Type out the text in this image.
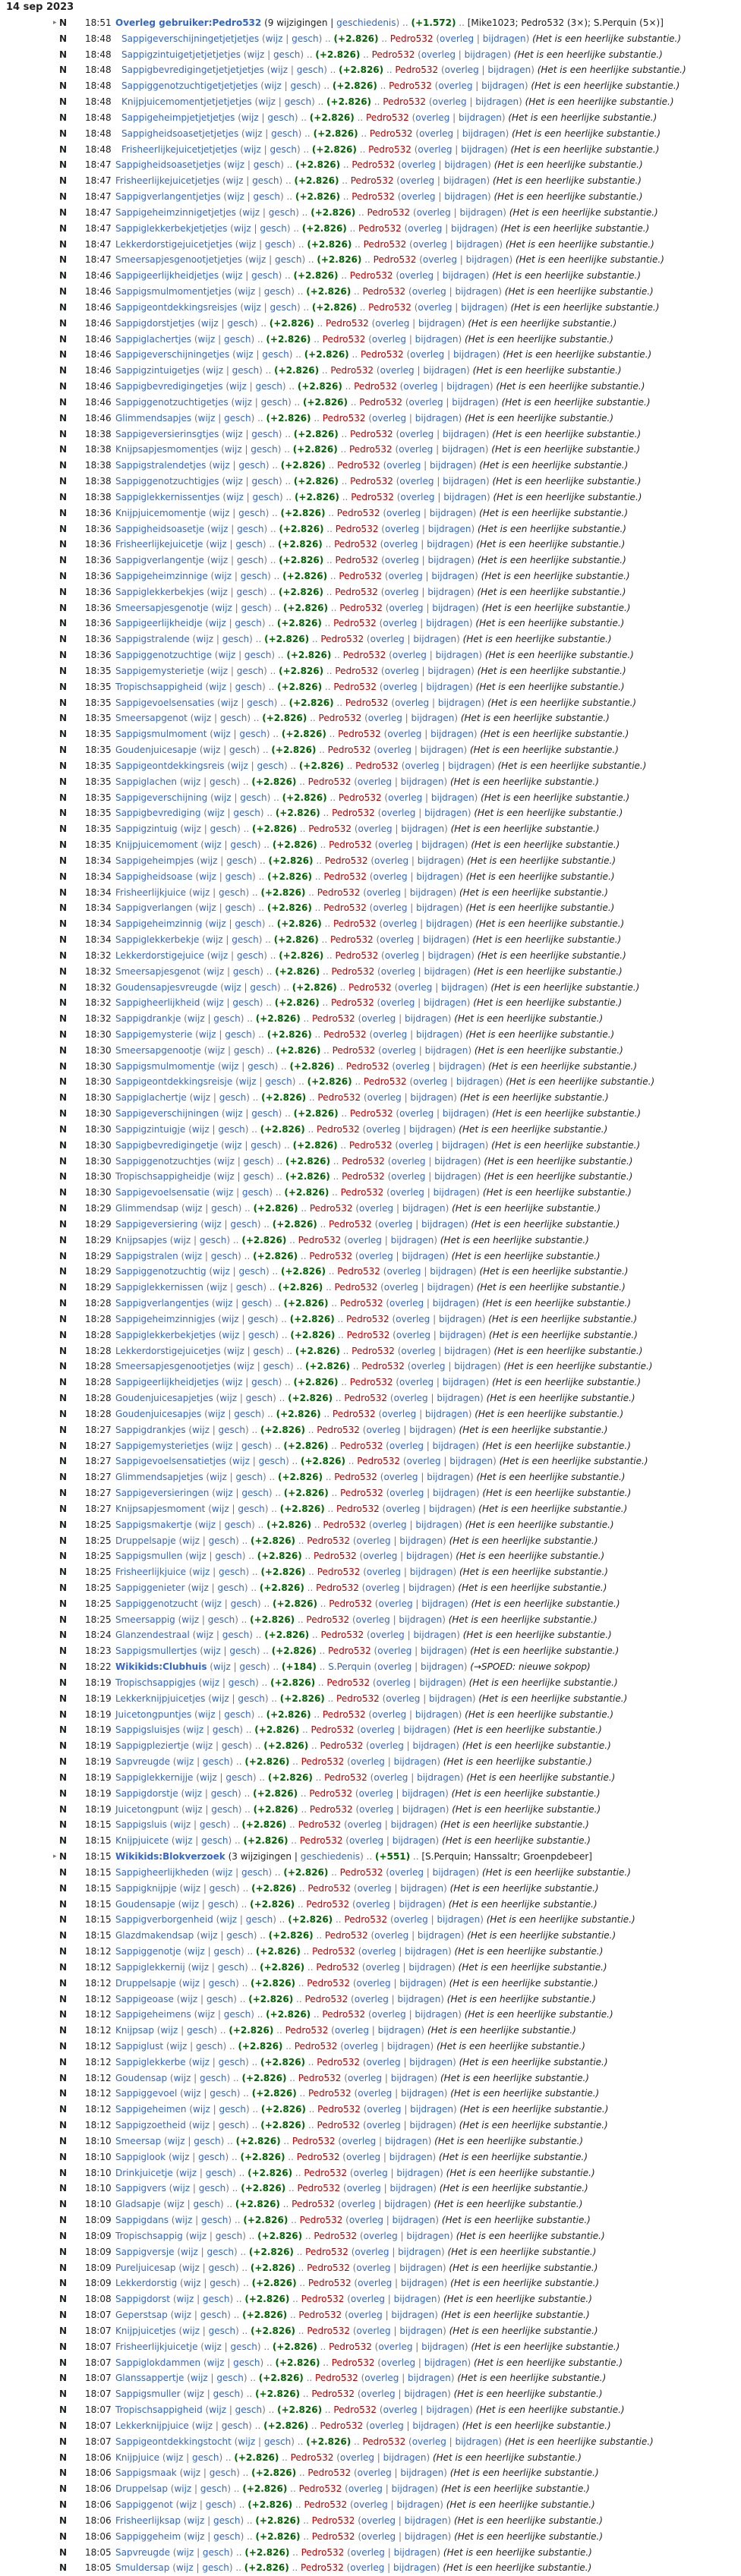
14 sep 2023
▸ N 18:51 Overleg gebruiker:Pedro532 (9 wijzigingen | geschiedenis) .. (+1.572) .. [Mike1023; Pedro532 (3×); S.Perquin (5×)]
N 18:48 Sappigeverschijningetjetjetjes (wijz | gesch) .. (+2.826) .. Pedro532 (overleg | bijdragen) (Het is een heerlijke substantie.)
N 18:48 Sappigzintuigetjetjetjetjes (wijz | gesch) .. (+2.826) .. Pedro532 (overleg | bijdragen) (Het is een heerlijke substantie.)
N 18:48 Sappigbevredigingetjetjetjetjes (wijz | gesch) .. (+2.826) .. Pedro532 (overleg | bijdragen) (Het is een heerlijke substantie.)
N 18:48 Sappiggenotzuchtigetjetjetjes (wijz | gesch) .. (+2.826) .. Pedro532 (overleg | bijdragen) (Het is een heerlijke substantie.)
N 18:48 Knijpjuicemomentjetjetjetjes (wijz | gesch) .. (+2.826) .. Pedro532 (overleg | bijdragen) (Het is een heerlijke substantie.)
N 18:48 Sappigeheimpjetjetjetjes (wijz | gesch) .. (+2.826) .. Pedro532 (overleg | bijdragen) (Het is een heerlijke substantie.)
N 18:48 Sappigheidsoasetjetjetjes (wijz | gesch) .. (+2.826) .. Pedro532 (overleg | bijdragen) (Het is een heerlijke substantie.)
N 18:48 Frisheerlijkejuicetjetjetjes (wijz | gesch) .. (+2.826) .. Pedro532 (overleg | bijdragen) (Het is een heerlijke substantie.)
N 18:47 Sappigheidsoasetjetjes (wijz | gesch) .. (+2.826) .. Pedro532 (overleg | bijdragen) (Het is een heerlijke substantie.)
N 18:47 Frisheerlijkejuicetjetjes (wijz | gesch) .. (+2.826) .. Pedro532 (overleg | bijdragen) (Het is een heerlijke substantie.)
N 18:47 Sappigverlangentjetjes (wijz | gesch) .. (+2.826) .. Pedro532 (overleg | bijdragen) (Het is een heerlijke substantie.)
N 18:47 Sappigeheimzinnigetjetjes (wijz | gesch) .. (+2.826) .. Pedro532 (overleg | bijdragen) (Het is een heerlijke substantie.)
N 18:47 Sappiglekkerbekjetjetjes (wijz | gesch) .. (+2.826) .. Pedro532 (overleg | bijdragen) (Het is een heerlijke substantie.)
N 18:47 Lekkerdorstigejuicetjetjes (wijz | gesch) .. (+2.826) .. Pedro532 (overleg | bijdragen) (Het is een heerlijke substantie.)
N 18:47 Smeersapjesgenootjetjetjes (wijz | gesch) .. (+2.826) .. Pedro532 (overleg | bijdragen) (Het is een heerlijke substantie.)
N 18:46 Sappigeerlijkheidjetjes (wijz | gesch) .. (+2.826) .. Pedro532 (overleg | bijdragen) (Het is een heerlijke substantie.)
N 18:46 Sappigsmulmomentjetjes (wijz | gesch) .. (+2.826) .. Pedro532 (overleg | bijdragen) (Het is een heerlijke substantie.)
N 18:46 Sappigeontdekkingsreisjes (wijz | gesch) .. (+2.826) .. Pedro532 (overleg | bijdragen) (Het is een heerlijke substantie.)
N 18:46 Sappigdorstjetjes (wijz | gesch) .. (+2.826) .. Pedro532 (overleg | bijdragen) (Het is een heerlijke substantie.)
N 18:46 Sappiglachertjes (wijz | gesch) .. (+2.826) .. Pedro532 (overleg | bijdragen) (Het is een heerlijke substantie.)
N 18:46 Sappigeverschijningetjes (wijz | gesch) .. (+2.826) .. Pedro532 (overleg | bijdragen) (Het is een heerlijke substantie.)
N 18:46 Sappigzintuigetjes (wijz | gesch) .. (+2.826) .. Pedro532 (overleg | bijdragen) (Het is een heerlijke substantie.)
N 18:46 Sappigbevredigingetjes (wijz | gesch) .. (+2.826) .. Pedro532 (overleg | bijdragen) (Het is een heerlijke substantie.)
N 18:46 Sappiggenotzuchtigetjes (wijz | gesch) .. (+2.826) .. Pedro532 (overleg | bijdragen) (Het is een heerlijke substantie.)
N 18:46 Glimmendsapjes (wijz | gesch) .. (+2.826) .. Pedro532 (overleg | bijdragen) (Het is een heerlijke substantie.)
N 18:38 Sappigeversierinsgtjes (wijz | gesch) .. (+2.826) .. Pedro532 (overleg | bijdragen) (Het is een heerlijke substantie.)
N 18:38 Knijpsapjesmomentjes (wijz | gesch) .. (+2.826) .. Pedro532 (overleg | bijdragen) (Het is een heerlijke substantie.)
N 18:38 Sappigstralendetjes (wijz | gesch) .. (+2.826) .. Pedro532 (overleg | bijdragen) (Het is een heerlijke substantie.)
N 18:38 Sappiggenotzuchtigjes (wijz | gesch) .. (+2.826) .. Pedro532 (overleg | bijdragen) (Het is een heerlijke substantie.)
N 18:38 Sappiglekkernissentjes (wijz | gesch) .. (+2.826) .. Pedro532 (overleg | bijdragen) (Het is een heerlijke substantie.)
N 18:36 Knijpjuicemomentje (wijz | gesch) .. (+2.826) .. Pedro532 (overleg | bijdragen) (Het is een heerlijke substantie.)
N 18:36 Sappigheidsoasetje (wijz | gesch) .. (+2.826) .. Pedro532 (overleg | bijdragen) (Het is een heerlijke substantie.)
N 18:36 Frisheerlijkejuicetje (wijz | gesch) .. (+2.826) .. Pedro532 (overleg | bijdragen) (Het is een heerlijke substantie.)
N 18:36 Sappigverlangentje (wijz | gesch) .. (+2.826) .. Pedro532 (overleg | bijdragen) (Het is een heerlijke substantie.)
N 18:36 Sappigeheimzinnige (wijz | gesch) .. (+2.826) .. Pedro532 (overleg | bijdragen) (Het is een heerlijke substantie.)
N 18:36 Sappiglekkerbekjes (wijz | gesch) .. (+2.826) .. Pedro532 (overleg | bijdragen) (Het is een heerlijke substantie.)
N 18:36 Smeersapjesgenotje (wijz | gesch) .. (+2.826) .. Pedro532 (overleg | bijdragen) (Het is een heerlijke substantie.)
N 18:36 Sappigeerlijkheidje (wijz | gesch) .. (+2.826) .. Pedro532 (overleg | bijdragen) (Het is een heerlijke substantie.)
N 18:36 Sappigstralende (wijz | gesch) .. (+2.826) .. Pedro532 (overleg | bijdragen) (Het is een heerlijke substantie.)
N 18:36 Sappiggenotzuchtige (wijz | gesch) .. (+2.826) .. Pedro532 (overleg | bijdragen) (Het is een heerlijke substantie.)
N 18:35 Sappigemysterietje (wijz | gesch) .. (+2.826) .. Pedro532 (overleg | bijdragen) (Het is een heerlijke substantie.)
N 18:35 Tropischsappigheid (wijz | gesch) .. (+2.826) .. Pedro532 (overleg | bijdragen) (Het is een heerlijke substantie.)
N 18:35 Sappigevoelsensaties (wijz | gesch) .. (+2.826) .. Pedro532 (overleg | bijdragen) (Het is een heerlijke substantie.)
N 18:35 Smeersapgenot (wijz | gesch) .. (+2.826) .. Pedro532 (overleg | bijdragen) (Het is een heerlijke substantie.)
N 18:35 Sappigsmulmoment (wijz | gesch) .. (+2.826) .. Pedro532 (overleg | bijdragen) (Het is een heerlijke substantie.)
N 18:35 Goudenjuicesapje (wijz | gesch) .. (+2.826) .. Pedro532 (overleg | bijdragen) (Het is een heerlijke substantie.)
N 18:35 Sappigeontdekkingsreis (wijz | gesch) .. (+2.826) .. Pedro532 (overleg | bijdragen) (Het is een heerlijke substantie.)
N 18:35 Sappiglachen (wijz | gesch) .. (+2.826) .. Pedro532 (overleg | bijdragen) (Het is een heerlijke substantie.)
N 18:35 Sappigeverschijning (wijz | gesch) .. (+2.826) .. Pedro532 (overleg | bijdragen) (Het is een heerlijke substantie.)
N 18:35 Sappigbevrediging (wijz | gesch) .. (+2.826) .. Pedro532 (overleg | bijdragen) (Het is een heerlijke substantie.)
N 18:35 Sappigzintuig (wijz | gesch) .. (+2.826) .. Pedro532 (overleg | bijdragen) (Het is een heerlijke substantie.)
N 18:35 Knijpjuicemoment (wijz | gesch) .. (+2.826) .. Pedro532 (overleg | bijdragen) (Het is een heerlijke substantie.)
N 18:34 Sappigeheimpjes (wijz | gesch) .. (+2.826) .. Pedro532 (overleg | bijdragen) (Het is een heerlijke substantie.)
N 18:34 Sappigheidsoase (wijz | gesch) .. (+2.826) .. Pedro532 (overleg | bijdragen) (Het is een heerlijke substantie.)
N 18:34 Frisheerlijkjuice (wijz | gesch) .. (+2.826) .. Pedro532 (overleg | bijdragen) (Het is een heerlijke substantie.)
N 18:34 Sappigverlangen (wijz | gesch) .. (+2.826) .. Pedro532 (overleg | bijdragen) (Het is een heerlijke substantie.)
N 18:34 Sappigeheimzinnig (wijz | gesch) .. (+2.826) .. Pedro532 (overleg | bijdragen) (Het is een heerlijke substantie.)
N 18:34 Sappiglekkerbekje (wijz | gesch) .. (+2.826) .. Pedro532 (overleg | bijdragen) (Het is een heerlijke substantie.)
N 18:32 Lekkerdorstigejuice (wijz | gesch) .. (+2.826) .. Pedro532 (overleg | bijdragen) (Het is een heerlijke substantie.)
N 18:32 Smeersapjesgenot (wijz | gesch) .. (+2.826) .. Pedro532 (overleg | bijdragen) (Het is een heerlijke substantie.)
N 18:32 Goudensapjesvreugde (wijz | gesch) .. (+2.826) .. Pedro532 (overleg | bijdragen) (Het is een heerlijke substantie.)
N 18:32 Sappigheerlijkheid (wijz | gesch) .. (+2.826) .. Pedro532 (overleg | bijdragen) (Het is een heerlijke substantie.)
N 18:32 Sappigdrankje (wijz | gesch) .. (+2.826) .. Pedro532 (overleg | bijdragen) (Het is een heerlijke substantie.)
N 18:30 Sappigemysterie (wijz | gesch) .. (+2.826) .. Pedro532 (overleg | bijdragen) (Het is een heerlijke substantie.)
N 18:30 Smeersapgenootje (wijz | gesch) .. (+2.826) .. Pedro532 (overleg | bijdragen) (Het is een heerlijke substantie.)
N 18:30 Sappigsmulmomentje (wijz | gesch) .. (+2.826) .. Pedro532 (overleg | bijdragen) (Het is een heerlijke substantie.)
N 18:30 Sappigeontdekkingsreisje (wijz | gesch) .. (+2.826) .. Pedro532 (overleg | bijdragen) (Het is een heerlijke substantie.)
N 18:30 Sappiglachertje (wijz | gesch) .. (+2.826) .. Pedro532 (overleg | bijdragen) (Het is een heerlijke substantie.)
N 18:30 Sappigeverschijningen (wijz | gesch) .. (+2.826) .. Pedro532 (overleg | bijdragen) (Het is een heerlijke substantie.)
N 18:30 Sappigzintuigje (wijz | gesch) .. (+2.826) .. Pedro532 (overleg | bijdragen) (Het is een heerlijke substantie.)
N 18:30 Sappigbevredigingetje (wijz | gesch) .. (+2.826) .. Pedro532 (overleg | bijdragen) (Het is een heerlijke substantie.)
N 18:30 Sappiggenotzuchtjes (wijz | gesch) .. (+2.826) .. Pedro532 (overleg | bijdragen) (Het is een heerlijke substantie.)
N 18:30 Tropischsappigheidje (wijz | gesch) .. (+2.826) .. Pedro532 (overleg | bijdragen) (Het is een heerlijke substantie.)
N 18:30 Sappigevoelsensatie (wijz | gesch) .. (+2.826) .. Pedro532 (overleg | bijdragen) (Het is een heerlijke substantie.)
N 18:29 Glimmendsap (wijz | gesch) .. (+2.826) .. Pedro532 (overleg | bijdragen) (Het is een heerlijke substantie.)
N 18:29 Sappigeversiering (wijz | gesch) .. (+2.826) .. Pedro532 (overleg | bijdragen) (Het is een heerlijke substantie.)
N 18:29 Knijpsapjes (wijz | gesch) .. (+2.826) .. Pedro532 (overleg | bijdragen) (Het is een heerlijke substantie.)
N 18:29 Sappigstralen (wijz | gesch) .. (+2.826) .. Pedro532 (overleg | bijdragen) (Het is een heerlijke substantie.)
N 18:29 Sappiggenotzuchtig (wijz | gesch) .. (+2.826) .. Pedro532 (overleg | bijdragen) (Het is een heerlijke substantie.)
N 18:29 Sappiglekkernissen (wijz | gesch) .. (+2.826) .. Pedro532 (overleg | bijdragen) (Het is een heerlijke substantie.)
N 18:28 Sappigverlangentjes (wijz | gesch) .. (+2.826) .. Pedro532 (overleg | bijdragen) (Het is een heerlijke substantie.)
N 18:28 Sappigeheimzinnigjes (wijz | gesch) .. (+2.826) .. Pedro532 (overleg | bijdragen) (Het is een heerlijke substantie.)
N 18:28 Sappiglekkerbekjetjes (wijz | gesch) .. (+2.826) .. Pedro532 (overleg | bijdragen) (Het is een heerlijke substantie.)
N 18:28 Lekkerdorstigejuicetjes (wijz | gesch) .. (+2.826) .. Pedro532 (overleg | bijdragen) (Het is een heerlijke substantie.)
N 18:28 Smeersapjesgenootjetjes (wijz | gesch) .. (+2.826) .. Pedro532 (overleg | bijdragen) (Het is een heerlijke substantie.)
N 18:28 Sappigeerlijkheidjetjes (wijz | gesch) .. (+2.826) .. Pedro532 (overleg | bijdragen) (Het is een heerlijke substantie.)
N 18:28 Goudenjuicesapjetjes (wijz | gesch) .. (+2.826) .. Pedro532 (overleg | bijdragen) (Het is een heerlijke substantie.)
N 18:28 Goudenjuicesapjes (wijz | gesch) .. (+2.826) .. Pedro532 (overleg | bijdragen) (Het is een heerlijke substantie.)
N 18:27 Sappigdrankjes (wijz | gesch) .. (+2.826) .. Pedro532 (overleg | bijdragen) (Het is een heerlijke substantie.)
N 18:27 Sappigemysterietjes (wijz | gesch) .. (+2.826) .. Pedro532 (overleg | bijdragen) (Het is een heerlijke substantie.)
N 18:27 Sappigevoelsensatietjes (wijz | gesch) .. (+2.826) .. Pedro532 (overleg | bijdragen) (Het is een heerlijke substantie.)
N 18:27 Glimmendsapjetjes (wijz | gesch) .. (+2.826) .. Pedro532 (overleg | bijdragen) (Het is een heerlijke substantie.)
N 18:27 Sappigeversieringen (wijz | gesch) .. (+2.826) .. Pedro532 (overleg | bijdragen) (Het is een heerlijke substantie.)
N 18:27 Knijpsapjesmoment (wijz | gesch) .. (+2.826) .. Pedro532 (overleg | bijdragen) (Het is een heerlijke substantie.)
N 18:25 Sappigsmakertje (wijz | gesch) .. (+2.826) .. Pedro532 (overleg | bijdragen) (Het is een heerlijke substantie.)
N 18:25 Druppelsapje (wijz | gesch) .. (+2.826) .. Pedro532 (overleg | bijdragen) (Het is een heerlijke substantie.)
N 18:25 Sappigsmullen (wijz | gesch) .. (+2.826) .. Pedro532 (overleg | bijdragen) (Het is een heerlijke substantie.)
N 18:25 Frisheerlijkjuice (wijz | gesch) .. (+2.826) .. Pedro532 (overleg | bijdragen) (Het is een heerlijke substantie.)
N 18:25 Sappiggenieter (wijz | gesch) .. (+2.826) .. Pedro532 (overleg | bijdragen) (Het is een heerlijke substantie.)
N 18:25 Sappiggenotzucht (wijz | gesch) .. (+2.826) .. Pedro532 (overleg | bijdragen) (Het is een heerlijke substantie.)
N 18:25 Smeersappig (wijz | gesch) .. (+2.826) .. Pedro532 (overleg | bijdragen) (Het is een heerlijke substantie.)
N 18:24 Glanzendestraal (wijz | gesch) .. (+2.826) .. Pedro532 (overleg | bijdragen) (Het is een heerlijke substantie.)
N 18:23 Sappigsmullertjes (wijz | gesch) .. (+2.826) .. Pedro532 (overleg | bijdragen) (Het is een heerlijke substantie.)
N 18:22 Wikikids:Clubhuis (wijz | gesch) .. (+184) .. S.Perquin (overleg | bijdragen) (→SPOED: nieuwe sokpop)
N 18:19 Tropischsappigjes (wijz | gesch) .. (+2.826) .. Pedro532 (overleg | bijdragen) (Het is een heerlijke substantie.)
N 18:19 Lekkerknijpjuicetjes (wijz | gesch) .. (+2.826) .. Pedro532 (overleg | bijdragen) (Het is een heerlijke substantie.)
N 18:19 Juicetongpuntjes (wijz | gesch) .. (+2.826) .. Pedro532 (overleg | bijdragen) (Het is een heerlijke substantie.)
N 18:19 Sappigsluisjes (wijz | gesch) .. (+2.826) .. Pedro532 (overleg | bijdragen) (Het is een heerlijke substantie.)
N 18:19 Sappigpleziertje (wijz | gesch) .. (+2.826) .. Pedro532 (overleg | bijdragen) (Het is een heerlijke substantie.)
N 18:19 Sapvreugde (wijz | gesch) .. (+2.826) .. Pedro532 (overleg | bijdragen) (Het is een heerlijke substantie.)
N 18:19 Sappiglekkernijje (wijz | gesch) .. (+2.826) .. Pedro532 (overleg | bijdragen) (Het is een heerlijke substantie.)
N 18:19 Sappigdorstje (wijz | gesch) .. (+2.826) .. Pedro532 (overleg | bijdragen) (Het is een heerlijke substantie.)
N 18:19 Juicetongpunt (wijz | gesch) .. (+2.826) .. Pedro532 (overleg | bijdragen) (Het is een heerlijke substantie.)
N 18:15 Sappigsluis (wijz | gesch) .. (+2.826) .. Pedro532 (overleg | bijdragen) (Het is een heerlijke substantie.)
N 18:15 Knijpjuicete (wijz | gesch) .. (+2.826) .. Pedro532 (overleg | bijdragen) (Het is een heerlijke substantie.)
▸ N 18:15 Wikikids:Blokverzoek (3 wijzigingen | geschiedenis) .. (+551) .. [S.Perquin; Hanssaltr; Groenpdebeer]
N 18:15 Sappigheerlijkheden (wijz | gesch) .. (+2.826) .. Pedro532 (overleg | bijdragen) (Het is een heerlijke substantie.)
N 18:15 Sappigknijpje (wijz | gesch) .. (+2.826) .. Pedro532 (overleg | bijdragen) (Het is een heerlijke substantie.)
N 18:15 Goudensapje (wijz | gesch) .. (+2.826) .. Pedro532 (overleg | bijdragen) (Het is een heerlijke substantie.)
N 18:15 Sappigverborgenheid (wijz | gesch) .. (+2.826) .. Pedro532 (overleg | bijdragen) (Het is een heerlijke substantie.)
N 18:15 Glazdmakendsap (wijz | gesch) .. (+2.826) .. Pedro532 (overleg | bijdragen) (Het is een heerlijke substantie.)
N 18:12 Sappiggenotje (wijz | gesch) .. (+2.826) .. Pedro532 (overleg | bijdragen) (Het is een heerlijke substantie.)
N 18:12 Sappiglekkernij (wijz | gesch) .. (+2.826) .. Pedro532 (overleg | bijdragen) (Het is een heerlijke substantie.)
N 18:12 Druppelsapje (wijz | gesch) .. (+2.826) .. Pedro532 (overleg | bijdragen) (Het is een heerlijke substantie.)
N 18:12 Sappigeoase (wijz | gesch) .. (+2.826) .. Pedro532 (overleg | bijdragen) (Het is een heerlijke substantie.)
N 18:12 Sappigeheimens (wijz | gesch) .. (+2.826) .. Pedro532 (overleg | bijdragen) (Het is een heerlijke substantie.)
N 18:12 Knijpsap (wijz | gesch) .. (+2.826) .. Pedro532 (overleg | bijdragen) (Het is een heerlijke substantie.)
N 18:12 Sappiglust (wijz | gesch) .. (+2.826) .. Pedro532 (overleg | bijdragen) (Het is een heerlijke substantie.)
N 18:12 Sappiglekkerbe (wijz | gesch) .. (+2.826) .. Pedro532 (overleg | bijdragen) (Het is een heerlijke substantie.)
N 18:12 Goudensap (wijz | gesch) .. (+2.826) .. Pedro532 (overleg | bijdragen) (Het is een heerlijke substantie.)
N 18:12 Sappiggevoel (wijz | gesch) .. (+2.826) .. Pedro532 (overleg | bijdragen) (Het is een heerlijke substantie.)
N 18:12 Sappigeheimen (wijz | gesch) .. (+2.826) .. Pedro532 (overleg | bijdragen) (Het is een heerlijke substantie.)
N 18:12 Sappigzoetheid (wijz | gesch) .. (+2.826) .. Pedro532 (overleg | bijdragen) (Het is een heerlijke substantie.)
N 18:10 Smeersap (wijz | gesch) .. (+2.826) .. Pedro532 (overleg | bijdragen) (Het is een heerlijke substantie.)
N 18:10 Sappiglook (wijz | gesch) .. (+2.826) .. Pedro532 (overleg | bijdragen) (Het is een heerlijke substantie.)
N 18:10 Drinkjuicetje (wijz | gesch) .. (+2.826) .. Pedro532 (overleg | bijdragen) (Het is een heerlijke substantie.)
N 18:10 Sappigvers (wijz | gesch) .. (+2.826) .. Pedro532 (overleg | bijdragen) (Het is een heerlijke substantie.)
N 18:10 Gladsapje (wijz | gesch) .. (+2.826) .. Pedro532 (overleg | bijdragen) (Het is een heerlijke substantie.)
N 18:09 Sappigdans (wijz | gesch) .. (+2.826) .. Pedro532 (overleg | bijdragen) (Het is een heerlijke substantie.)
N 18:09 Tropischsappig (wijz | gesch) .. (+2.826) .. Pedro532 (overleg | bijdragen) (Het is een heerlijke substantie.)
N 18:09 Sappigversje (wijz | gesch) .. (+2.826) .. Pedro532 (overleg | bijdragen) (Het is een heerlijke substantie.)
N 18:09 Pureljuicesap (wijz | gesch) .. (+2.826) .. Pedro532 (overleg | bijdragen) (Het is een heerlijke substantie.)
N 18:09 Lekkerdorstig (wijz | gesch) .. (+2.826) .. Pedro532 (overleg | bijdragen) (Het is een heerlijke substantie.)
N 18:08 Sappigdorst (wijz | gesch) .. (+2.826) .. Pedro532 (overleg | bijdragen) (Het is een heerlijke substantie.)
N 18:07 Geperstsap (wijz | gesch) .. (+2.826) .. Pedro532 (overleg | bijdragen) (Het is een heerlijke substantie.)
N 18:07 Knijpjuicetjes (wijz | gesch) .. (+2.826) .. Pedro532 (overleg | bijdragen) (Het is een heerlijke substantie.)
N 18:07 Frisheerlijkjuicetje (wijz | gesch) .. (+2.826) .. Pedro532 (overleg | bijdragen) (Het is een heerlijke substantie.)
N 18:07 Sappiglokdammen (wijz | gesch) .. (+2.826) .. Pedro532 (overleg | bijdragen) (Het is een heerlijke substantie.)
N 18:07 Glanssappertje (wijz | gesch) .. (+2.826) .. Pedro532 (overleg | bijdragen) (Het is een heerlijke substantie.)
N 18:07 Sappigsmuller (wijz | gesch) .. (+2.826) .. Pedro532 (overleg | bijdragen) (Het is een heerlijke substantie.)
N 18:07 Tropischsappigheid (wijz | gesch) .. (+2.826) .. Pedro532 (overleg | bijdragen) (Het is een heerlijke substantie.)
N 18:07 Lekkerknijpjuice (wijz | gesch) .. (+2.826) .. Pedro532 (overleg | bijdragen) (Het is een heerlijke substantie.)
N 18:07 Sappigeontdekkingstocht (wijz | gesch) .. (+2.826) .. Pedro532 (overleg | bijdragen) (Het is een heerlijke substantie.)
N 18:06 Knijpjuice (wijz | gesch) .. (+2.826) .. Pedro532 (overleg | bijdragen) (Het is een heerlijke substantie.)
N 18:06 Sappigsmaak (wijz | gesch) .. (+2.826) .. Pedro532 (overleg | bijdragen) (Het is een heerlijke substantie.)
N 18:06 Druppelsap (wijz | gesch) .. (+2.826) .. Pedro532 (overleg | bijdragen) (Het is een heerlijke substantie.)
N 18:06 Sappiggenot (wijz | gesch) .. (+2.826) .. Pedro532 (overleg | bijdragen) (Het is een heerlijke substantie.)
N 18:06 Frisheerlijksap (wijz | gesch) .. (+2.826) .. Pedro532 (overleg | bijdragen) (Het is een heerlijke substantie.)
N 18:06 Sappiggeheim (wijz | gesch) .. (+2.826) .. Pedro532 (overleg | bijdragen) (Het is een heerlijke substantie.)
N 18:05 Sapvreugde (wijz | gesch) .. (+2.826) .. Pedro532 (overleg | bijdragen) (Het is een heerlijke substantie.)
N 18:05 Smuldersap (wijz | gesch) .. (+2.826) .. Pedro532 (overleg | bijdragen) (Het is een heerlijke substantie.)
